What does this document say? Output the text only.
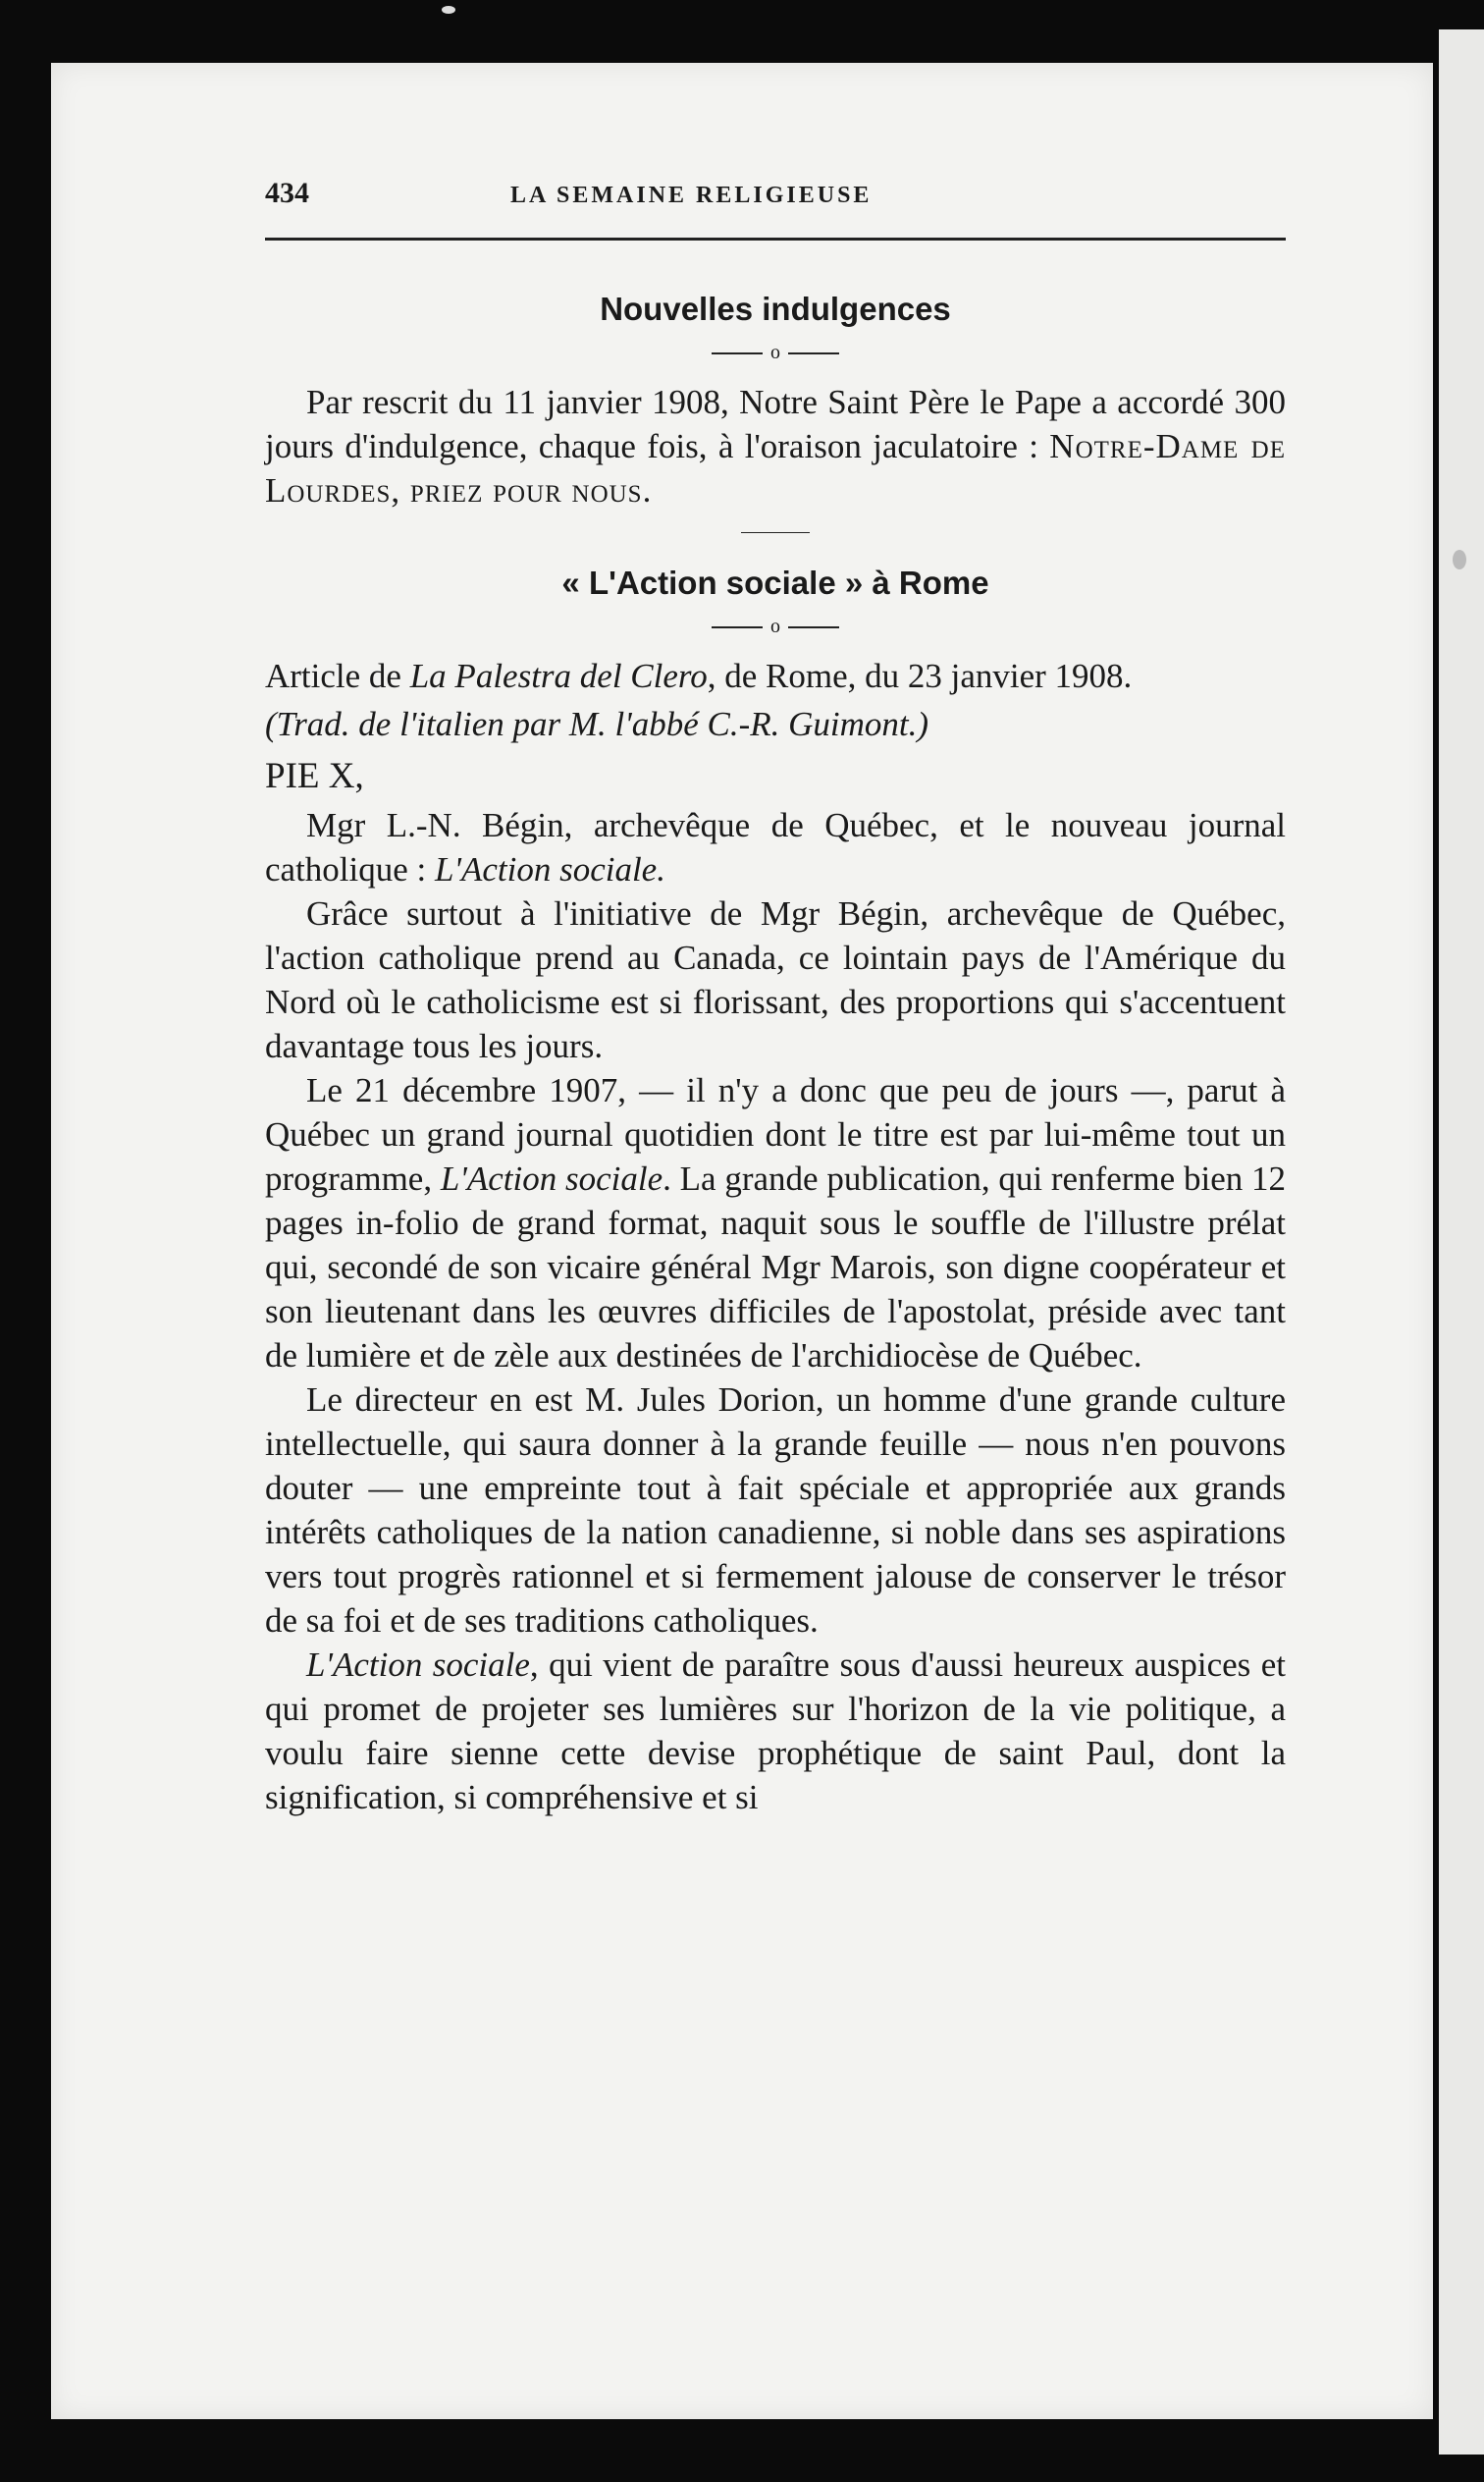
434	LA SEMAINE RELIGIEUSE
Nouvelles indulgences
o

Par rescrit du 11 janvier 1908, Notre Saint Père le Pape a accordé 300 jours d'indulgence, chaque fois, à l'oraison jaculatoire : Notre-Dame de Lourdes, priez pour nous.

« L'Action sociale » à Rome
o

Article de La Palestra del Clero, de Rome, du 23 janvier 1908.

(Trad. de l'italien par M. l'abbé C.-R. Guimont.)

PIE X,

Mgr L.-N. Bégin, archevêque de Québec, et le nouveau journal catholique : L'Action sociale.

Grâce surtout à l'initiative de Mgr Bégin, archevêque de Québec, l'action catholique prend au Canada, ce lointain pays de l'Amérique du Nord où le catholicisme est si florissant, des proportions qui s'accentuent davantage tous les jours.

Le 21 décembre 1907, — il n'y a donc que peu de jours —, parut à Québec un grand journal quotidien dont le titre est par lui-même tout un programme, L'Action sociale. La grande publication, qui renferme bien 12 pages in-folio de grand format, naquit sous le souffle de l'illustre prélat qui, secondé de son vicaire général Mgr Marois, son digne coopérateur et son lieutenant dans les œuvres difficiles de l'apostolat, préside avec tant de lumière et de zèle aux destinées de l'archidiocèse de Québec.

Le directeur en est M. Jules Dorion, un homme d'une grande culture intellectuelle, qui saura donner à la grande feuille — nous n'en pouvons douter — une empreinte tout à fait spéciale et appropriée aux grands intérêts catholiques de la nation canadienne, si noble dans ses aspirations vers tout progrès rationnel et si fermement jalouse de conserver le trésor de sa foi et de ses traditions catholiques.

L'Action sociale, qui vient de paraître sous d'aussi heureux auspices et qui promet de projeter ses lumières sur l'horizon de la vie politique, a voulu faire sienne cette devise prophétique de saint Paul, dont la signification, si compréhensive et si
